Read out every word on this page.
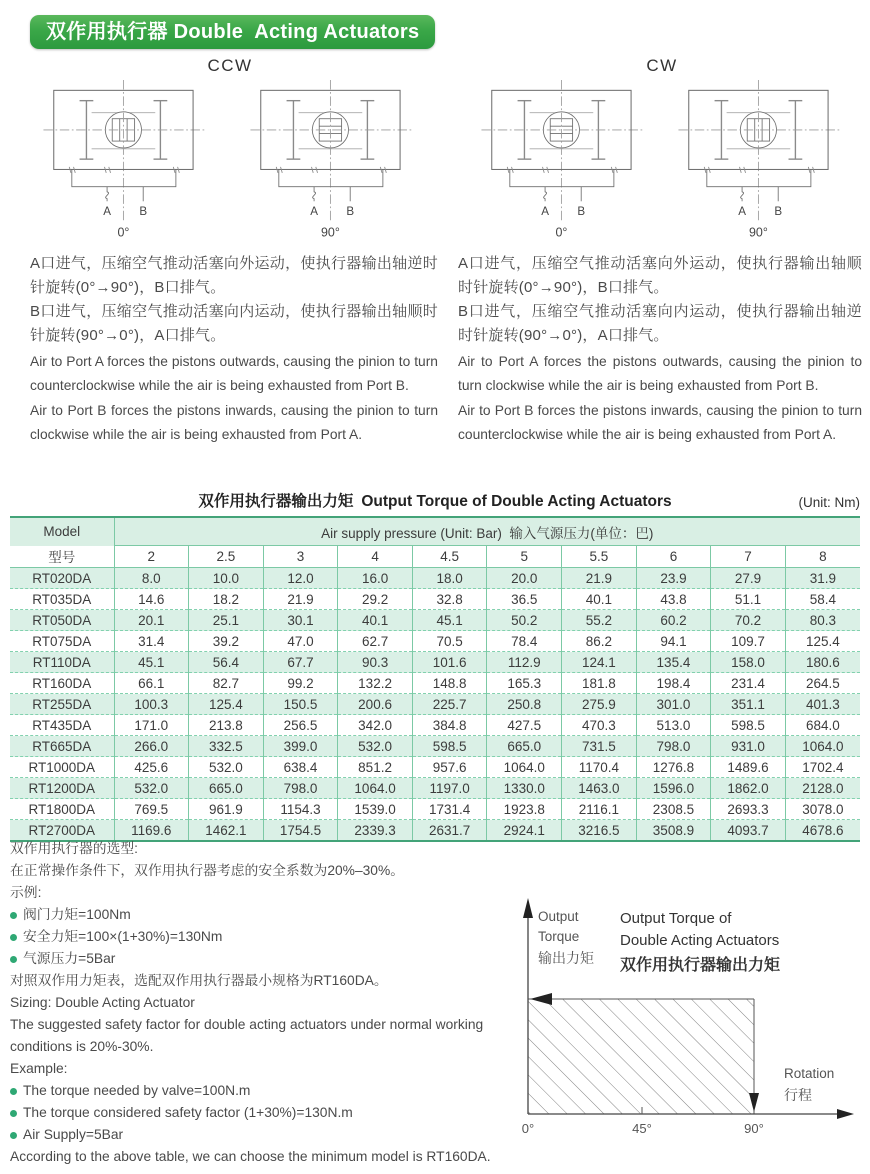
双作用执行器 Double  Acting Actuators
CCW	CW
A B
0°
A B
90°
A B
0°
A B
90°

A口进气，压缩空气推动活塞向外运动，使执行器输出轴逆时针旋转(0°→90°)，B口排气。

B口进气，压缩空气推动活塞向内运动，使执行器输出轴顺时针旋转(90°→0°)，A口排气。

Air to Port A forces the pistons outwards, causing the pinion to turn counterclockwise while the air is being exhausted from Port B.

Air to Port B forces the pistons inwards, causing the pinion to turn clockwise while the air is being exhausted from Port A.

A口进气，压缩空气推动活塞向外运动，使执行器输出轴顺时针旋转(0°→90°)，B口排气。

B口进气，压缩空气推动活塞向内运动，使执行器输出轴逆时针旋转(90°→0°)，A口排气。

Air to Port A forces the pistons outwards, causing the pinion to turn clockwise while the air is being exhausted from Port B.

Air to Port B forces the pistons inwards, causing the pinion to turn counterclockwise while the air is being exhausted from Port A.

双作用执行器输出力矩 Output Torque of Double Acting Actuators	(Unit: Nm)
Model	Air supply pressure (Unit: Bar)  输入气源压力(单位：巴)									
型号	2	2.5	3	4	4.5	5	5.5	6	7	8
RT020DA	8.0	10.0	12.0	16.0	18.0	20.0	21.9	23.9	27.9	31.9
RT035DA	14.6	18.2	21.9	29.2	32.8	36.5	40.1	43.8	51.1	58.4
RT050DA	20.1	25.1	30.1	40.1	45.1	50.2	55.2	60.2	70.2	80.3
RT075DA	31.4	39.2	47.0	62.7	70.5	78.4	86.2	94.1	109.7	125.4
RT110DA	45.1	56.4	67.7	90.3	101.6	112.9	124.1	135.4	158.0	180.6
RT160DA	66.1	82.7	99.2	132.2	148.8	165.3	181.8	198.4	231.4	264.5
RT255DA	100.3	125.4	150.5	200.6	225.7	250.8	275.9	301.0	351.1	401.3
RT435DA	171.0	213.8	256.5	342.0	384.8	427.5	470.3	513.0	598.5	684.0
RT665DA	266.0	332.5	399.0	532.0	598.5	665.0	731.5	798.0	931.0	1064.0
RT1000DA	425.6	532.0	638.4	851.2	957.6	1064.0	1170.4	1276.8	1489.6	1702.4
RT1200DA	532.0	665.0	798.0	1064.0	1197.0	1330.0	1463.0	1596.0	1862.0	2128.0
RT1800DA	769.5	961.9	1154.3	1539.0	1731.4	1923.8	2116.1	2308.5	2693.3	3078.0
RT2700DA	1169.6	1462.1	1754.5	2339.3	2631.7	2924.1	3216.5	3508.9	4093.7	4678.6
双作用执行器的选型:
在正常操作条件下，双作用执行器考虑的安全系数为20%–30%。
示例:
阀门力矩=100Nm
安全力矩=100×(1+30%)=130Nm
气源压力=5Bar
对照双作用力矩表，选配双作用执行器最小规格为RT160DA。
Sizing: Double Acting Actuator
The suggested safety factor for double acting actuators under normal working conditions is 20%-30%.
Example:
The torque needed by valve=100N.m
The torque considered safety factor (1+30%)=130N.m
Air Supply=5Bar
According to the above table, we can choose the minimum model is RT160DA.
Output
Torque
输出力矩
Output Torque of
Double Acting Actuators
双作用执行器输出力矩
0°	45°	90°
Rotation
行程
